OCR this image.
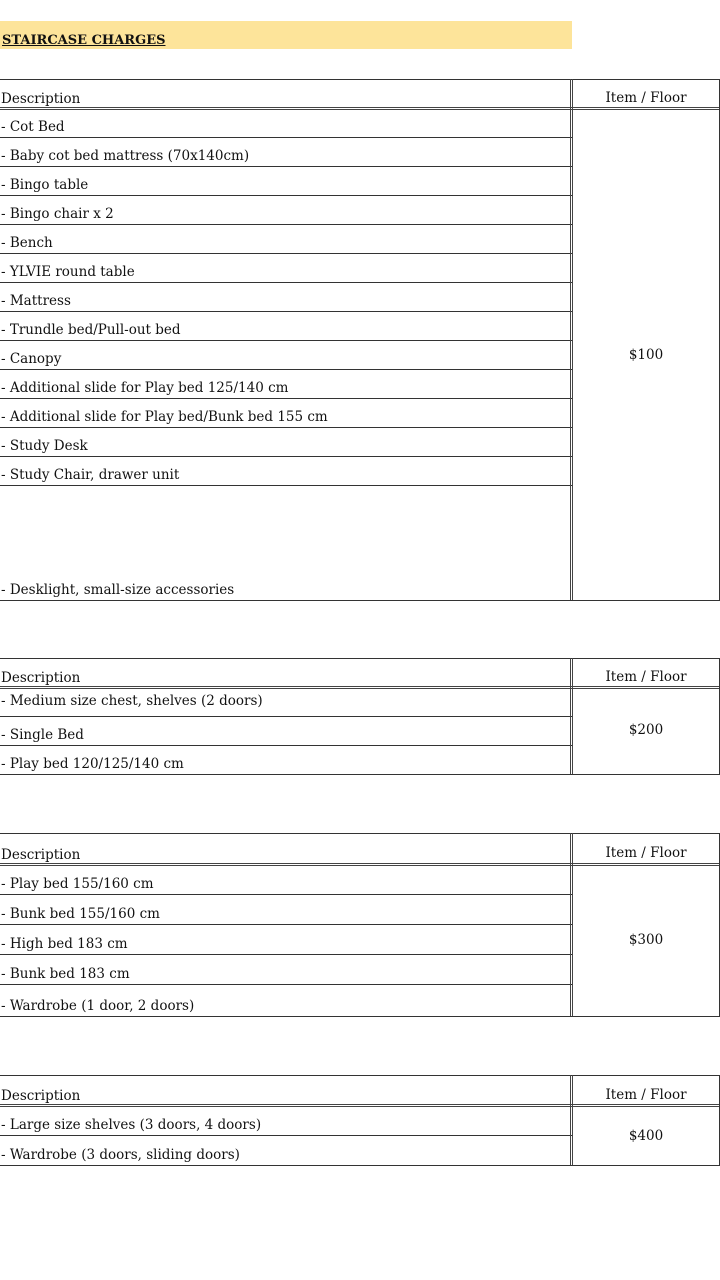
STAIRCASE CHARGES
Description	Item / Floor
- Cot Bed
- Baby cot bed mattress (70x140cm)
- Bingo table
- Bingo chair x 2
- Bench
- YLVIE round table
- Mattress
- Trundle bed/Pull-out bed
- Canopy
- Additional slide for Play bed 125/140 cm
- Additional slide for Play bed/Bunk bed 155 cm
- Study Desk
- Study Chair, drawer unit
- Desklight, small-size accessories
$100
Description	Item / Floor
- Medium size chest, shelves (2 doors)
- Single Bed
- Play bed 120/125/140 cm
$200
Description	Item / Floor
- Play bed 155/160 cm
- Bunk bed 155/160 cm
- High bed 183 cm
- Bunk bed 183 cm
- Wardrobe (1 door, 2 doors)
$300
Description	Item / Floor
- Large size shelves (3 doors, 4 doors)
- Wardrobe (3 doors, sliding doors)
$400
